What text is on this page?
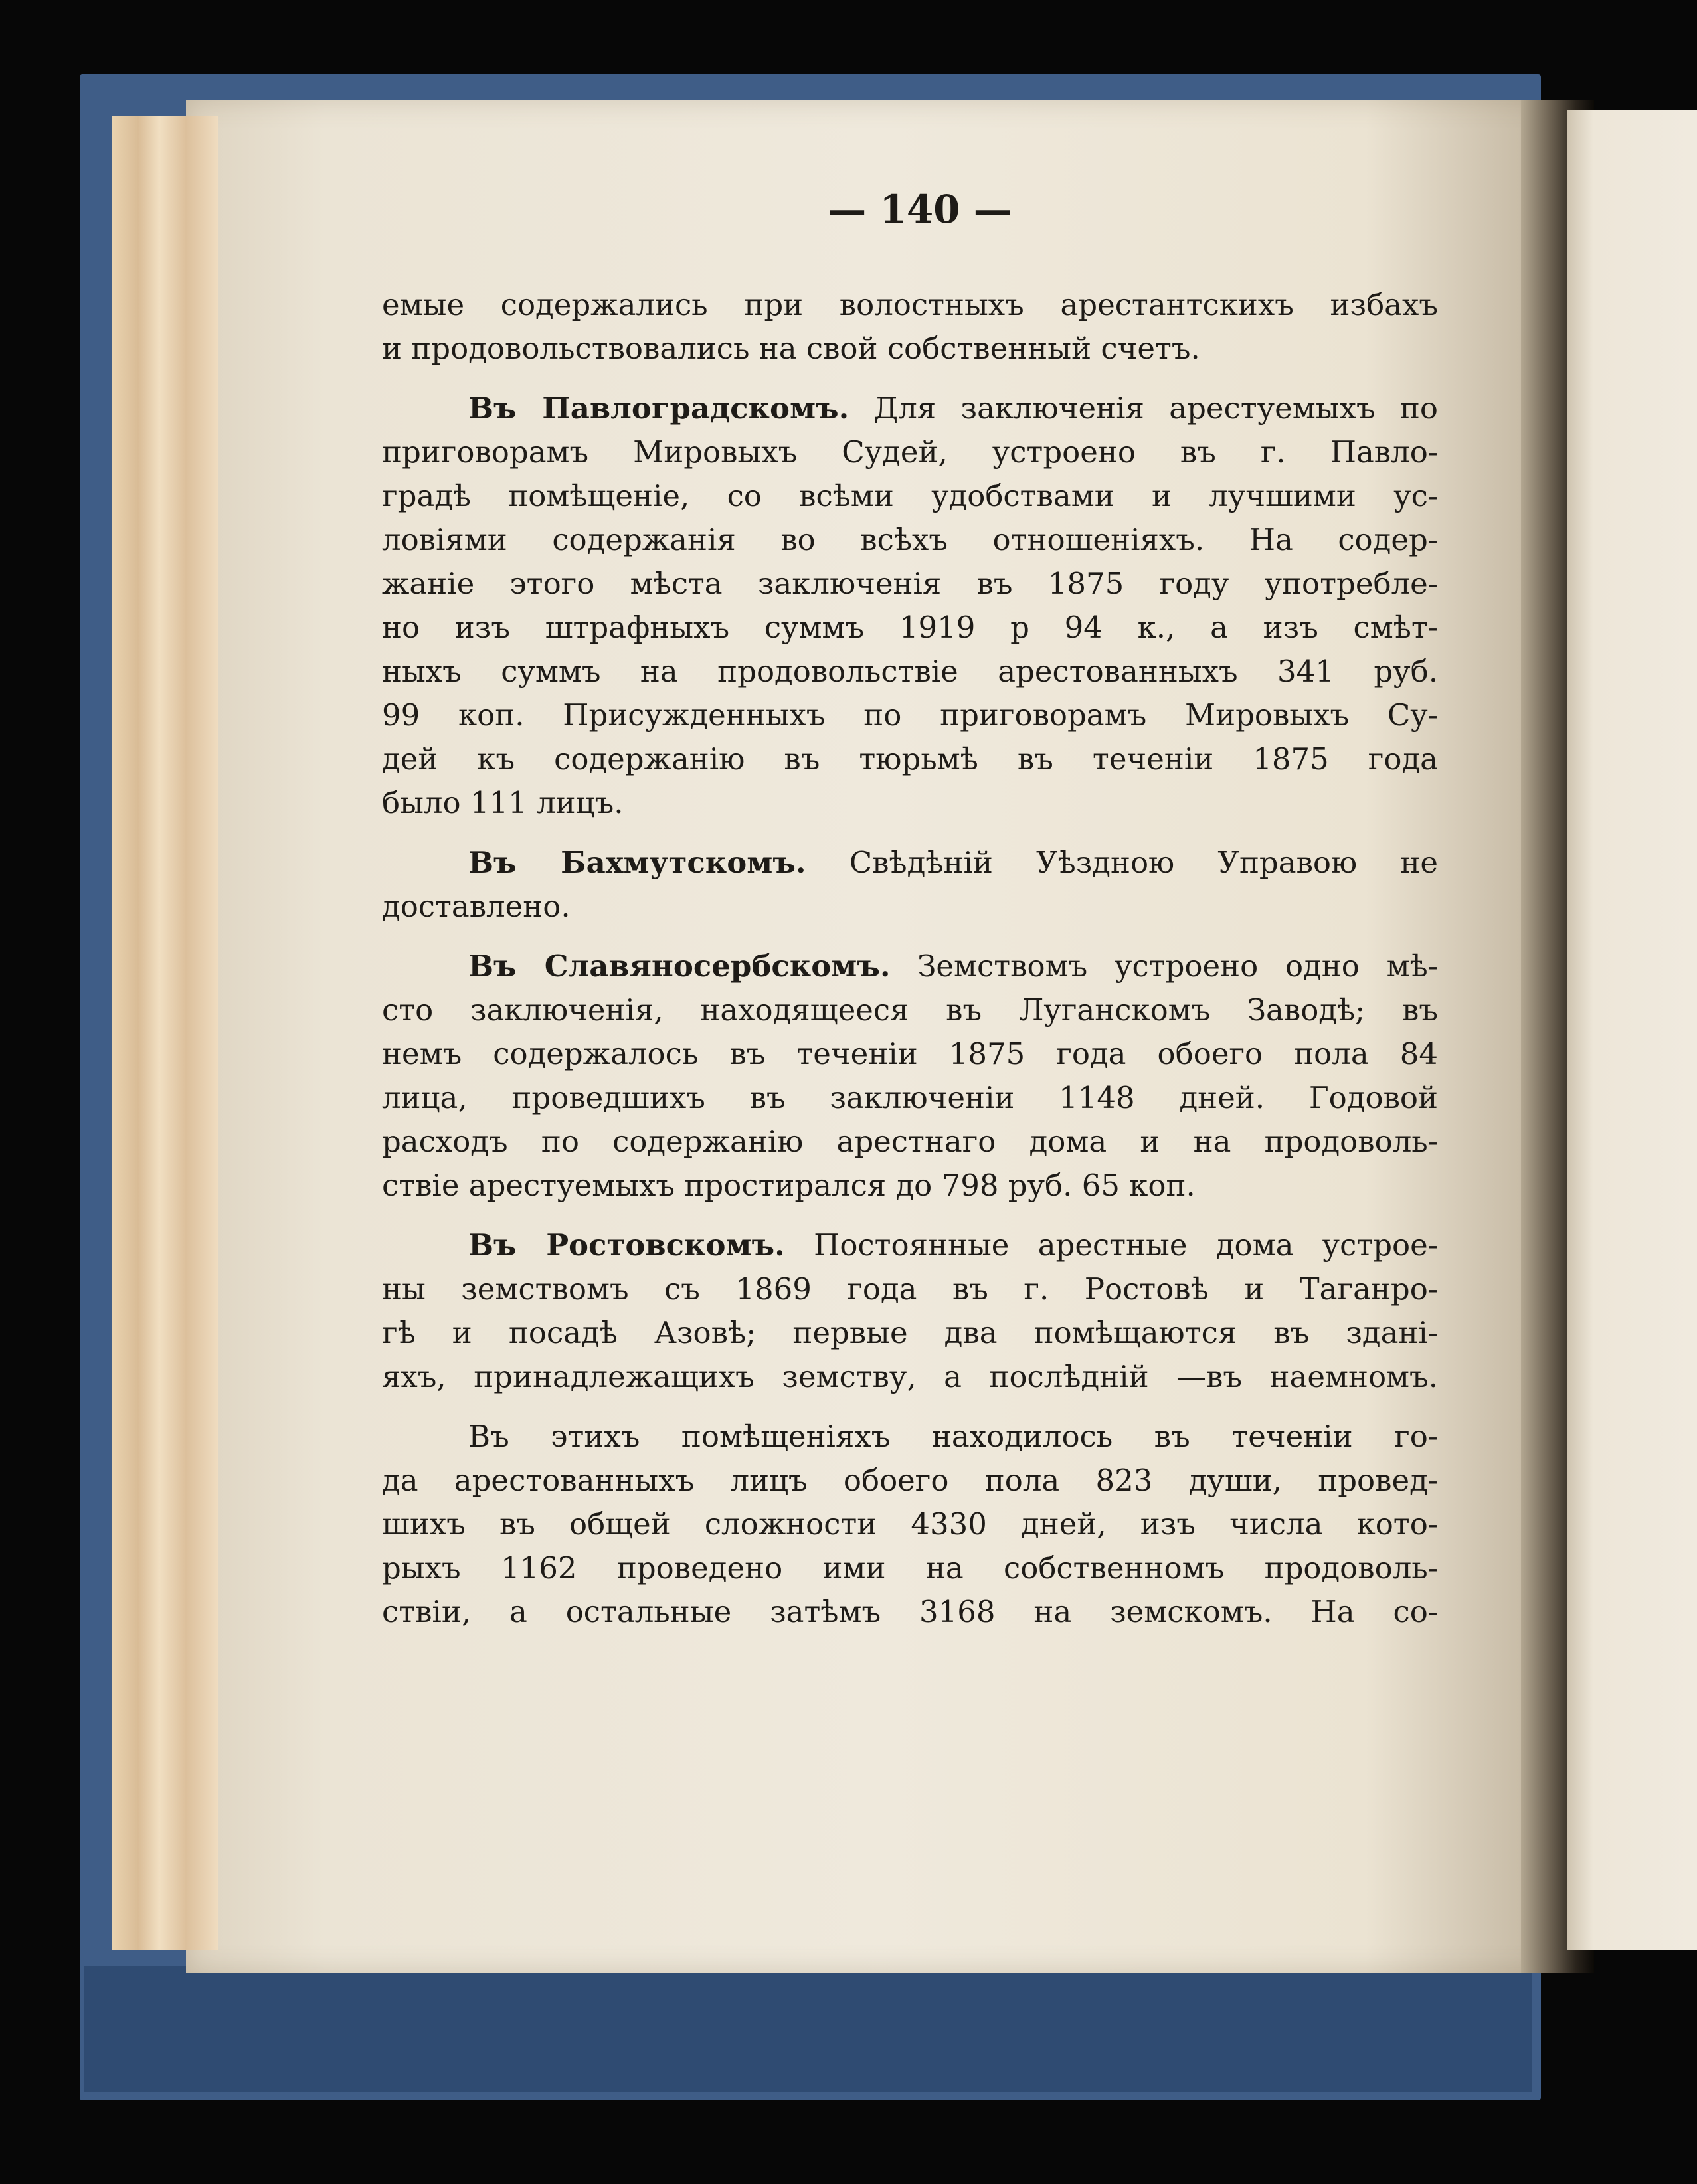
— 140 —
емые содержались при волостныхъ арестантскихъ избахъ
и продовольствовались на свой собственный счетъ.
Въ Павлоградскомъ. Для заключенія арестуемыхъ по
приговорамъ Мировыхъ Судей, устроено въ г. Павло-
градѣ помѣщеніе, со всѣми удобствами и лучшими ус-
ловіями содержанія во всѣхъ отношеніяхъ. На содер-
жаніе этого мѣста заключенія въ 1875 году употребле-
но изъ штрафныхъ суммъ 1919 р 94 к., а изъ смѣт-
ныхъ суммъ на продовольствіе арестованныхъ 341 руб.
99 коп. Присужденныхъ по приговорамъ Мировыхъ Су-
дей къ содержанію въ тюрьмѣ въ теченіи 1875 года
было 111 лицъ.
Въ Бахмутскомъ. Свѣдѣній Уѣздною Управою не
доставлено.
Въ Славяносербскомъ. Земствомъ устроено одно мѣ-
сто заключенія, находящееся въ Луганскомъ Заводѣ; въ
немъ содержалось въ теченіи 1875 года обоего пола 84
лица, проведшихъ въ заключеніи 1148 дней. Годовой
расходъ по содержанію арестнаго дома и на продоволь-
ствіе арестуемыхъ простирался до 798 руб. 65 коп.
Въ Ростовскомъ. Постоянные арестные дома устрое-
ны земствомъ съ 1869 года въ г. Ростовѣ и Таганро-
гѣ и посадѣ Азовѣ; первые два помѣщаются въ здані-
яхъ, принадлежащихъ земству, а послѣдній —въ наемномъ.
Въ этихъ помѣщеніяхъ находилось въ теченіи го-
да арестованныхъ лицъ обоего пола 823 души, провед-
шихъ въ общей сложности 4330 дней, изъ числа кото-
рыхъ 1162 проведено ими на собственномъ продоволь-
ствіи, а остальные затѣмъ 3168 на земскомъ. На со-
